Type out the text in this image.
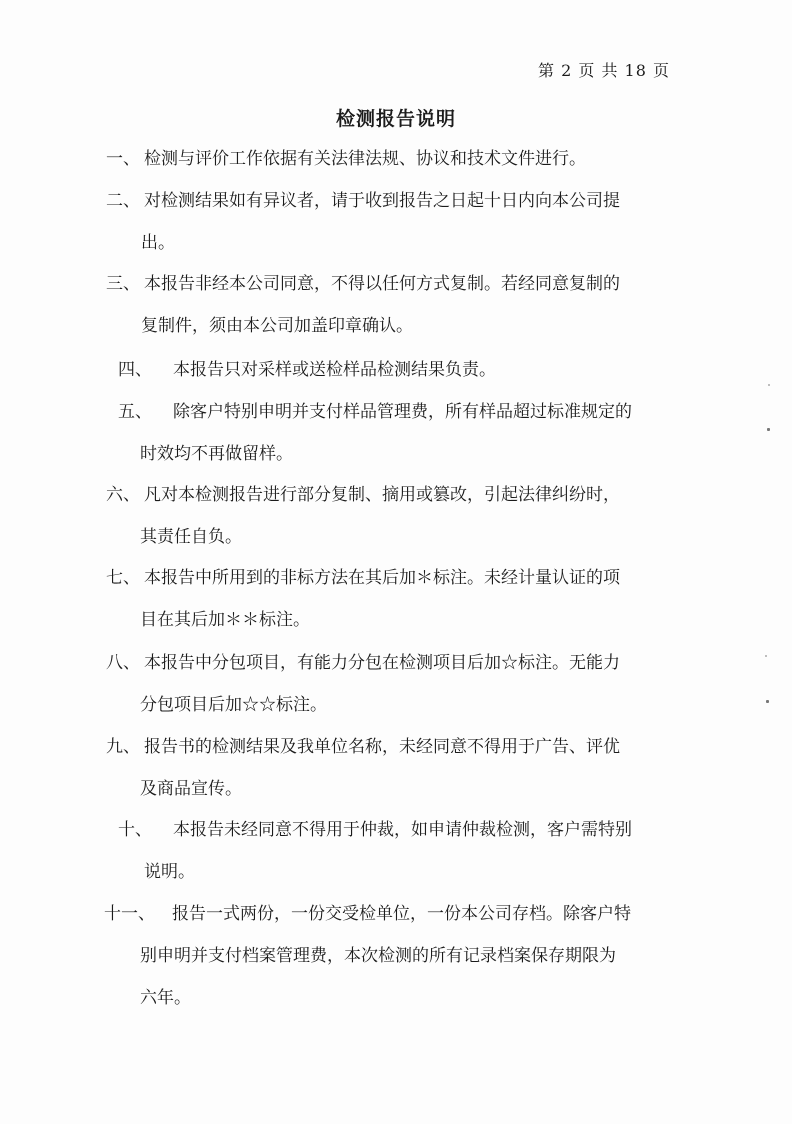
第 2 页 共 18 页
检测报告说明
一、 检测与评价工作依据有关法律法规、协议和技术文件进行。
二、 对检测结果如有异议者，请于收到报告之日起十日内向本公司提
出。
三、 本报告非经本公司同意，不得以任何方式复制。若经同意复制的
复制件，须由本公司加盖印章确认。
四、 本报告只对采样或送检样品检测结果负责。
五、 除客户特别申明并支付样品管理费，所有样品超过标准规定的
时效均不再做留样。
六、 凡对本检测报告进行部分复制、摘用或篡改，引起法律纠纷时，
其责任自负。
七、 本报告中所用到的非标方法在其后加＊标注。未经计量认证的项
目在其后加＊＊标注。
八、 本报告中分包项目，有能力分包在检测项目后加☆标注。无能力
分包项目后加☆☆标注。
九、 报告书的检测结果及我单位名称，未经同意不得用于广告、评优
及商品宣传。
十、 本报告未经同意不得用于仲裁，如申请仲裁检测，客户需特别
说明。
十一、 报告一式两份，一份交受检单位，一份本公司存档。除客户特
别申明并支付档案管理费，本次检测的所有记录档案保存期限为
六年。
